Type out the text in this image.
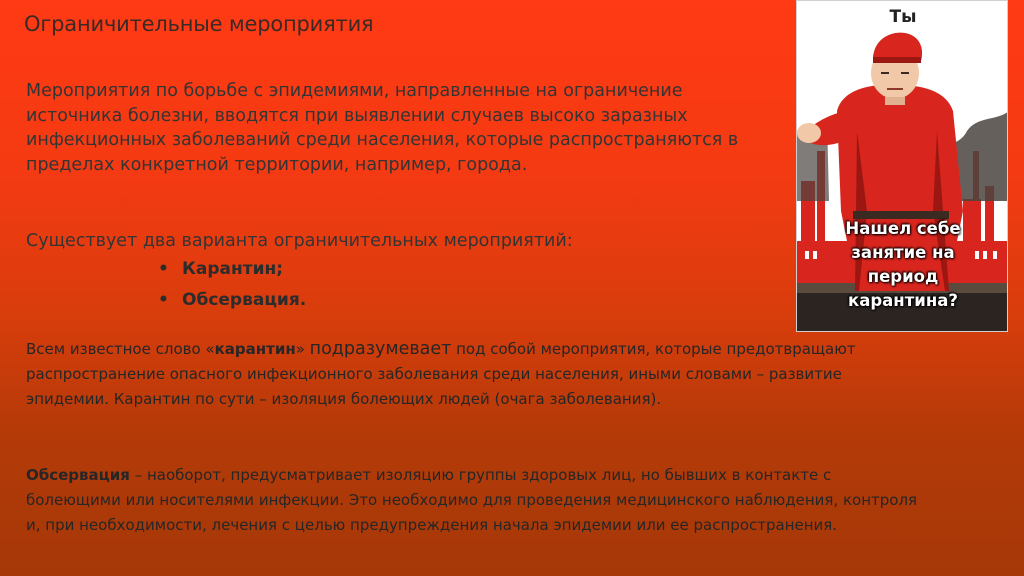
Ограничительные мероприятия
Мероприятия по борьбе с эпидемиями, направленные на ограничение источника болезни, вводятся при выявлении случаев высоко заразных инфекционных заболеваний среди населения, которые распространяются в пределах конкретной территории, например, города.
Существует два варианта ограничительных мероприятий:
• Карантин;
• Обсервация.
Всем известное слово «карантин» подразумевает под собой мероприятия, которые предотвращают распространение опасного инфекционного заболевания среди населения, иными словами – развитие эпидемии. Карантин по сути – изоляция болеющих людей (очага заболевания).
Обсервация – наоборот, предусматривает изоляцию группы здоровых лиц, но бывших в контакте с болеющими или носителями инфекции. Это необходимо для проведения медицинского наблюдения, контроля и, при необходимости, лечения с целью предупреждения начала эпидемии или ее распространения.
Ты
Нашел себе
занятие на
период
карантина?
